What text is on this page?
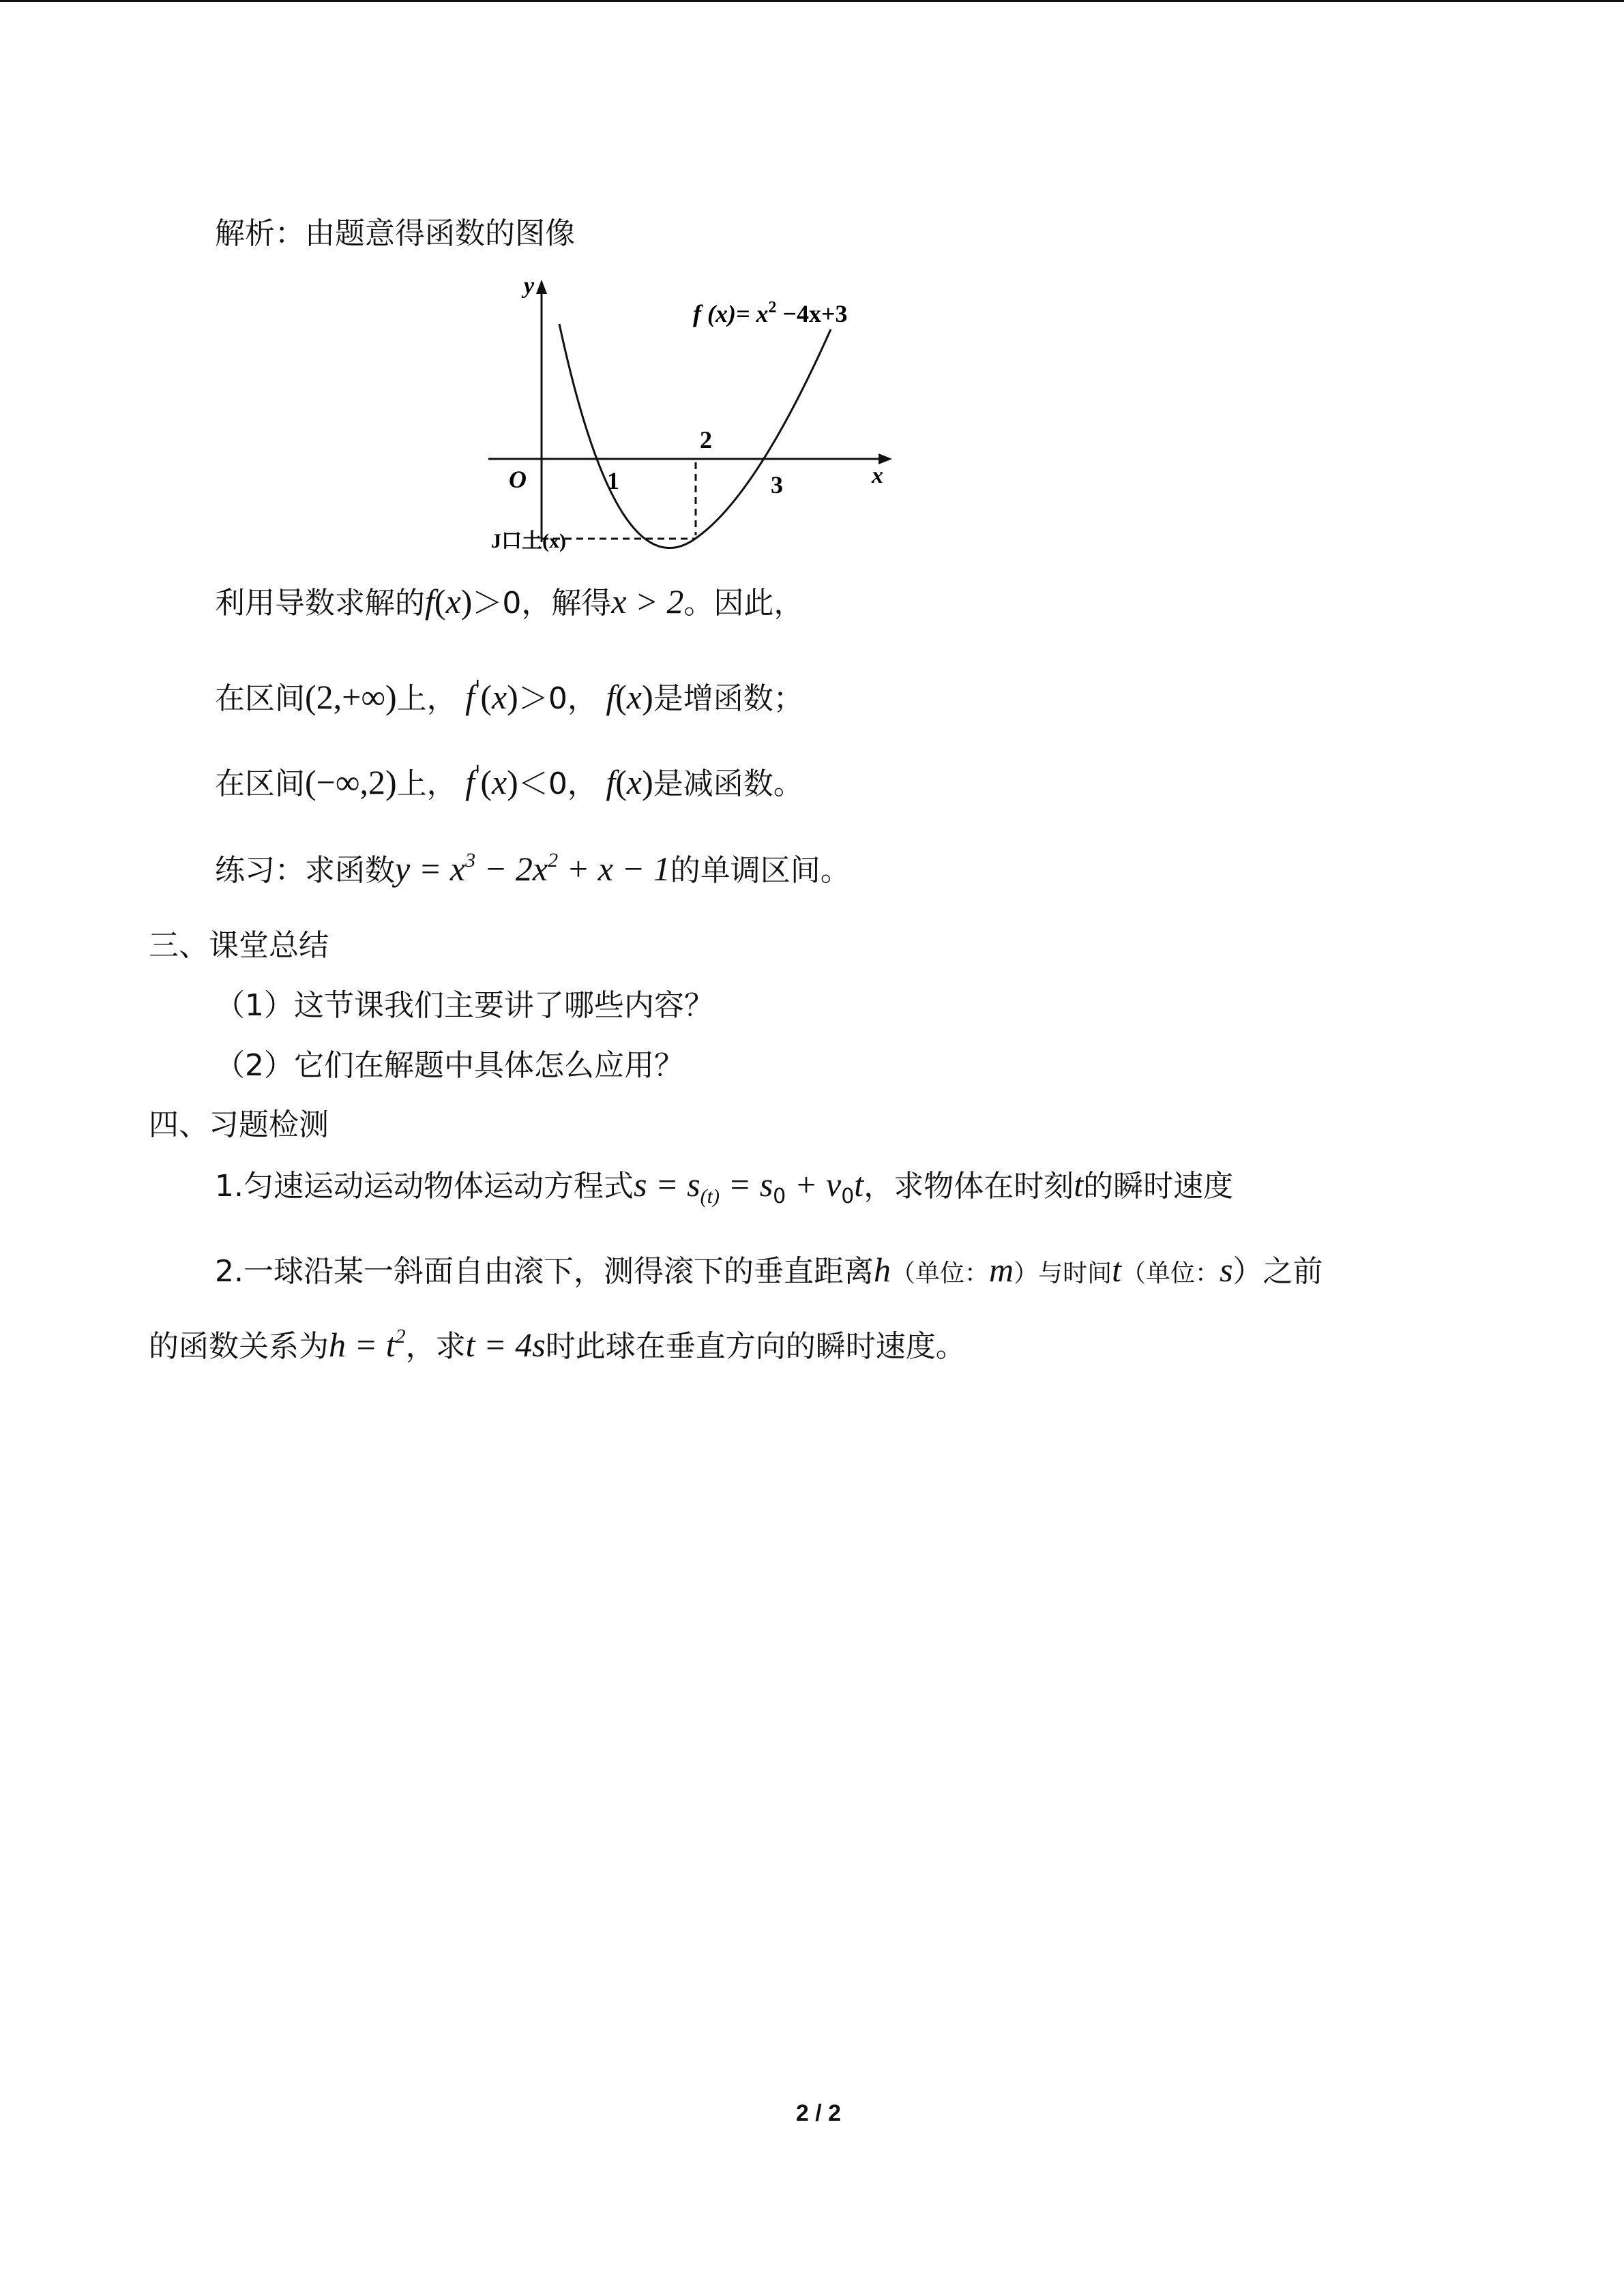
解析：由题意得函数的图像
y
x
O	1
2
3
J口土(x)
f $(x)= x^2 -4x+3$
利用导数求解的f(x)＞0，解得x > 2。因此，
在区间(2,+∞)上， f'(x)＞0， f(x)是增函数；
在区间(−∞,2)上， f'(x)＜0， f(x)是减函数。
练习：求函数$y = x^3 - 2x^2 + x - 1$的单调区间。
三、课堂总结
（1）这节课我们主要讲了哪些内容？
（2）它们在解题中具体怎么应用？
四、习题检测
1.匀速运动运动物体运动方程式$s = s_{(t)} = s_0 + v_0t$，求物体在时刻t的瞬时速度
2.一球沿某一斜面自由滚下，测得滚下的垂直距离h（单位：m）与时间t（单位：s）之前
的函数关系为$h = t^2$，求t = 4s时此球在垂直方向的瞬时速度。
2 / 2
